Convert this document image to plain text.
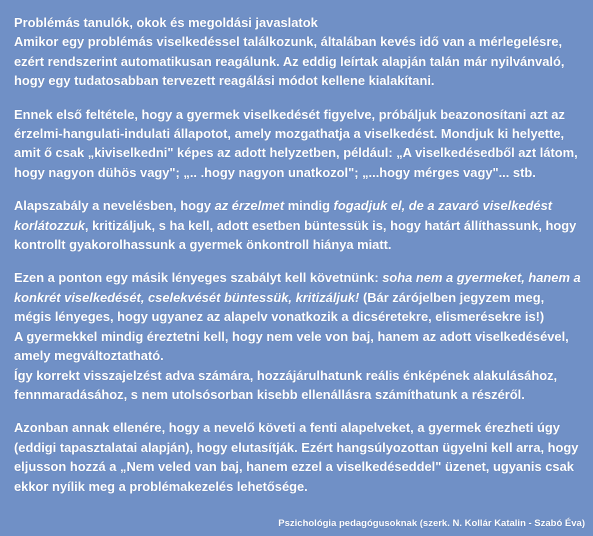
Problémás tanulók, okok és megoldási javaslatok
Amikor egy problémás viselkedéssel találkozunk, általában kevés idő van a mérlegelésre, ezért rendszerint automatikusan reagálunk. Az eddig leírtak alapján talán már nyilvánvaló, hogy egy tudatosabban tervezett reagálási módot kellene kialakítani.

Ennek első feltétele, hogy a gyermek viselkedését figyelve, próbáljuk beazonosítani azt az érzelmi-hangulati-indulati állapotot, amely mozgathatja a viselkedést. Mondjuk ki helyette, amit ő csak „kiviselkedni" képes az adott helyzetben, például: „A viselkedésedből azt látom, hogy nagyon dühös vagy"; „.. .hogy nagyon unatkozol"; „...hogy mérges vagy"... stb.

Alapszabály a nevelésben, hogy az érzelmet mindig fogadjuk el, de a zavaró viselkedést korlátozzuk, kritizáljuk, s ha kell, adott esetben büntessük is, hogy határt állíthassunk, hogy kontrollt gyakorolhassunk a gyermek önkontroll hiánya miatt.

Ezen a ponton egy másik lényeges szabályt kell követnünk: soha nem a gyermeket, hanem a konkrét viselkedését, cselekvését büntessük, kritizáljuk! (Bár zárójelben jegyzem meg, mégis lényeges, hogy ugyanez az alapelv vonatkozik a dicséretekre, elismerésekre is!)
A gyermekkel mindig éreztetni kell, hogy nem vele von baj, hanem az adott viselkedésével, amely megváltoztatható.
Így korrekt visszajelzést adva számára, hozzájárulhatunk reális énképének alakulásához, fennmaradásához, s nem utolsósorban kisebb ellenállásra számíthatunk a részéről.

Azonban annak ellenére, hogy a nevelő követi a fenti alapelveket, a gyermek érezheti úgy (eddigi tapasztalatai alapján), hogy elutasítják. Ezért hangsúlyozottan ügyelni kell arra, hogy eljusson hozzá a „Nem veled van baj, hanem ezzel a viselkedéseddel" üzenet, ugyanis csak ekkor nyílik meg a problémakezelés lehetősége.

Pszichológia pedagógusoknak (szerk. N. Kollár Katalin - Szabó Éva)
